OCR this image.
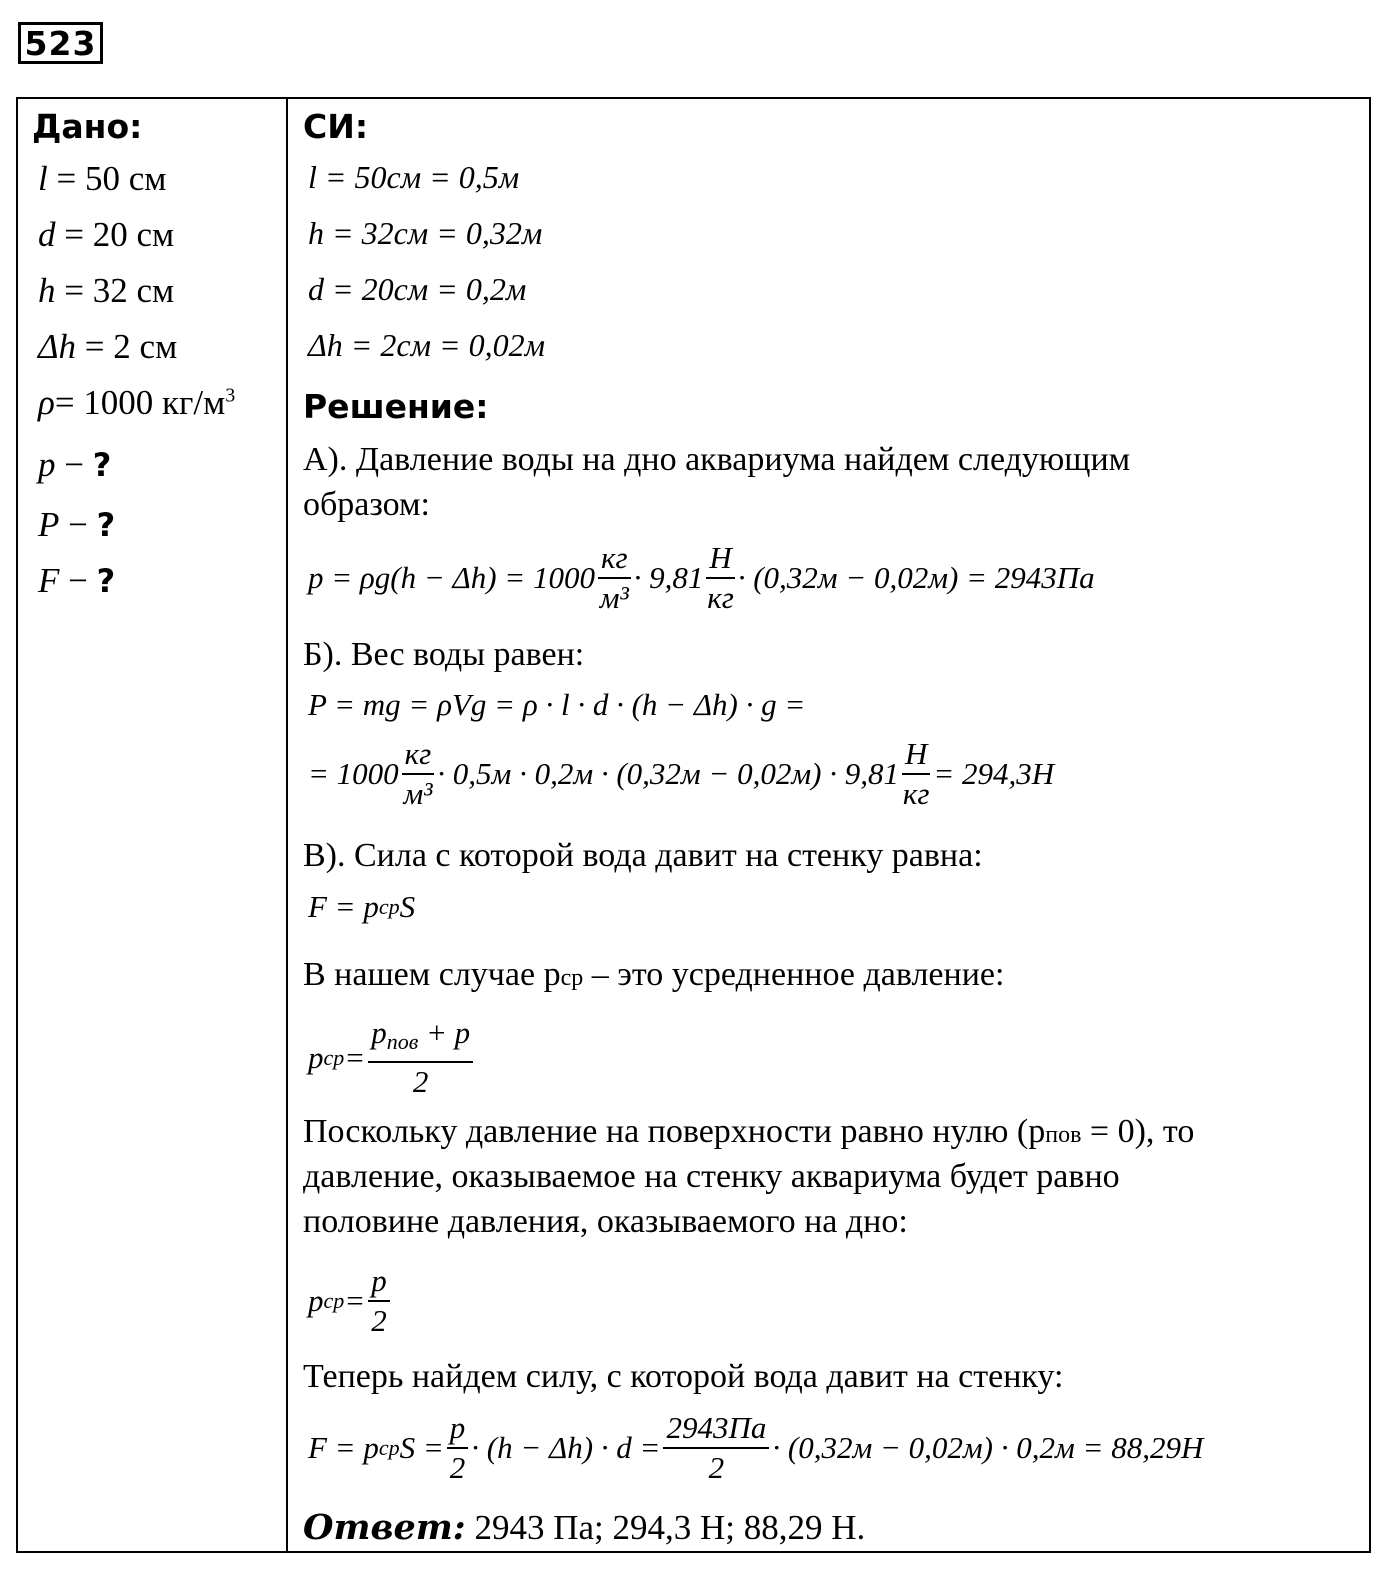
523
Дано:
l = 50 см
d = 20 см
h = 32 см
Δh = 2 см
ρ= 1000 $кг/м^3$
p − ?
P − ?
F − ?
СИ:
l = 50см = 0,5м
h = 32см = 0,32м
d = 20см = 0,2м
Δh = 2см = 0,02м
Решение:
А). Давление воды на дно аквариума найдем следующим
образом:
p = ρg(h − Δh) = 1000
кг
м³
· 9,81
Н
кг
· (0,32м − 0,02м) = 2943Па
Б). Вес воды равен:
P = mg = ρVg = ρ · l · d · (h − Δh) · g =
= 1000
кг
м³
· 0,5м · 0,2м · (0,32м − 0,02м) · 9,81
Н
кг
= 294,3Н
В). Сила с которой вода давит на стенку равна:
F = p ср S
В нашем случае pср – это усредненное давление:
p ср =
pпов + p
2
Поскольку давление на поверхности равно нулю (pпов = 0), то
давление, оказываемое на стенку аквариума будет равно
половине давления, оказываемого на дно:
p ср = $\frac{p}{2}$
Теперь найдем силу, с которой вода давит на стенку:
F = p ср $S = \frac{p}{2} \cdot (h - \Delta h) \cdot d$ =
2943Па
2
· (0,32м − 0,02м) · 0,2м = 88,29Н
Ответ: 2943 Па; 294,3 Н; 88,29 Н.
